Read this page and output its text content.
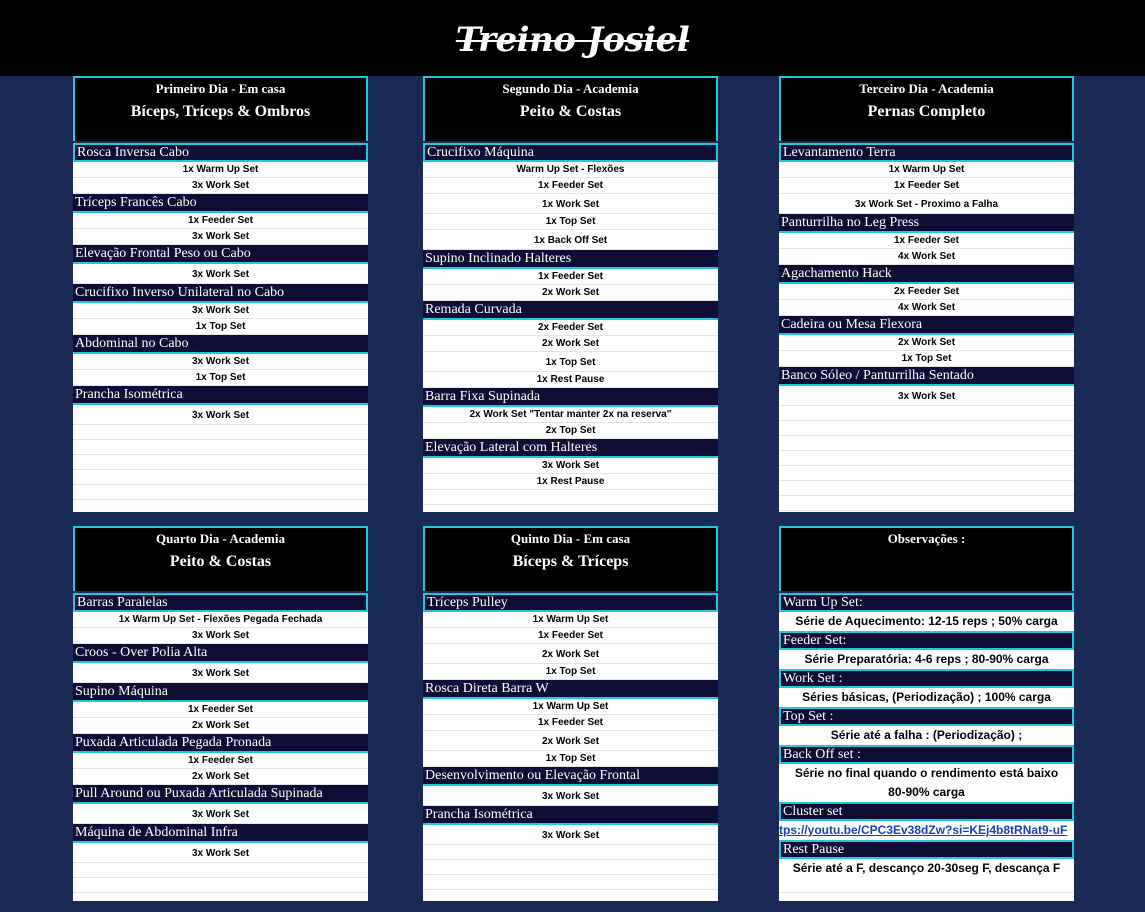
Treino Josiel
Primeiro Dia - Em casa
Bíceps, Tríceps & Ombros
Rosca Inversa Cabo
1x Warm Up Set
3x Work Set
Tríceps Francês Cabo
1x Feeder Set
3x Work Set
Elevação Frontal Peso ou Cabo
3x Work Set
Crucifixo Inverso Unilateral no Cabo
3x Work Set
1x Top Set
Abdominal no Cabo
3x Work Set
1x Top Set
Prancha Isométrica
3x Work Set
Segundo Dia - Academia
Peito & Costas
Crucifixo Máquina
Warm Up Set - Flexões
1x Feeder Set
1x Work Set
1x Top Set
1x Back Off Set
Supino Inclinado Halteres
1x Feeder Set
2x Work Set
Remada Curvada
2x Feeder Set
2x Work Set
1x Top Set
1x Rest Pause
Barra Fixa Supinada
2x Work Set "Tentar manter 2x na reserva"
2x Top Set
Elevação Lateral com Halteres
3x Work Set
1x Rest Pause
Terceiro Dia - Academia
Pernas Completo
Levantamento Terra
1x Warm Up Set
1x Feeder Set
3x Work Set - Proximo a Falha
Panturrilha no Leg Press
1x Feeder Set
4x Work Set
Agachamento Hack
2x Feeder Set
4x Work Set
Cadeira ou Mesa Flexora
2x Work Set
1x Top Set
Banco Sóleo / Panturrilha Sentado
3x Work Set
Quarto Dia - Academia
Peito & Costas
Barras Paralelas
1x Warm Up Set - Flexões Pegada Fechada
3x Work Set
Croos - Over Polia Alta
3x Work Set
Supino Máquina
1x Feeder Set
2x Work Set
Puxada Articulada Pegada Pronada
1x Feeder Set
2x Work Set
Pull Around ou Puxada Articulada Supinada
3x Work Set
Máquina de Abdominal Infra
3x Work Set
Quinto Dia - Em casa
Bíceps & Tríceps
Tríceps Pulley
1x Warm Up Set
1x Feeder Set
2x Work Set
1x Top Set
Rosca Direta Barra W
1x Warm Up Set
1x Feeder Set
2x Work Set
1x Top Set
Desenvolvimento ou Elevação Frontal
3x Work Set
Prancha Isométrica
3x Work Set
Observações :
Warm Up Set:
Série de Aquecimento: 12-15 reps ; 50% carga
Feeder Set:
Série Preparatória: 4-6 reps ; 80-90% carga
Work Set :
Séries básicas, (Periodização) ; 100% carga
Top Set :
Série até a falha : (Periodização) ;
Back Off set :
Série no final quando o rendimento está baixo
80-90% carga
Cluster set
tps://youtu.be/CPC3Ev38dZw?si=KEj4b8tRNat9-uF
Rest Pause
Série até a F, descanço 20-30seg F, descança F
